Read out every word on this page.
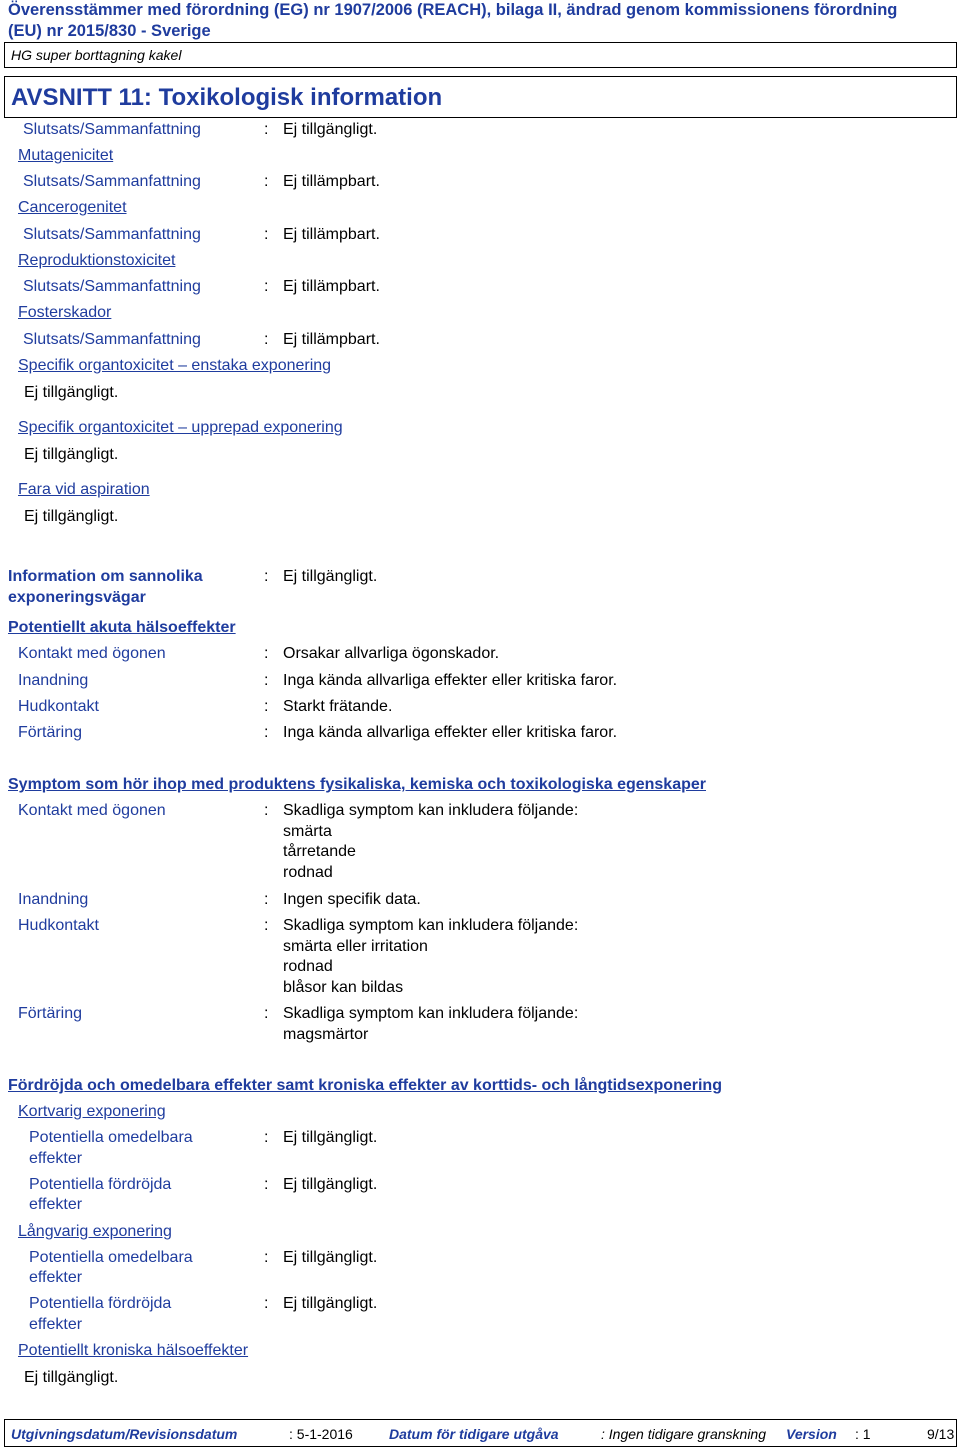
Överensstämmer med förordning (EG) nr 1907/2006 (REACH), bilaga II, ändrad genom kommissionens förordning
(EU) nr 2015/830 - Sverige
HG super borttagning kakel
AVSNITT 11: Toxikologisk information
Slutsats/Sammanfattning	: Ej tillgängligt.
Mutagenicitet
Slutsats/Sammanfattning	: Ej tillämpbart.
Cancerogenitet
Slutsats/Sammanfattning	: Ej tillämpbart.
Reproduktionstoxicitet
Slutsats/Sammanfattning	: Ej tillämpbart.
Fosterskador
Slutsats/Sammanfattning	: Ej tillämpbart.
Specifik organtoxicitet – enstaka exponering
Ej tillgängligt.
Specifik organtoxicitet – upprepad exponering
Ej tillgängligt.
Fara vid aspiration
Ej tillgängligt.
Information om sannolika
exponeringsvägar
: Ej tillgängligt.
Potentiellt akuta hälsoeffekter
Kontakt med ögonen	: Orsakar allvarliga ögonskador.
Inandning	: Inga kända allvarliga effekter eller kritiska faror.
Hudkontakt	: Starkt frätande.
Förtäring	: Inga kända allvarliga effekter eller kritiska faror.
Symptom som hör ihop med produktens fysikaliska, kemiska och toxikologiska egenskaper
Kontakt med ögonen	: Skadliga symptom kan inkludera följande:
smärta
tårretande
rodnad
Inandning	: Ingen specifik data.
Hudkontakt	: Skadliga symptom kan inkludera följande:
smärta eller irritation
rodnad
blåsor kan bildas
Förtäring	: Skadliga symptom kan inkludera följande:
magsmärtor
Fördröjda och omedelbara effekter samt kroniska effekter av korttids- och långtidsexponering
Kortvarig exponering
Potentiella omedelbara
effekter
: Ej tillgängligt.
Potentiella fördröjda
effekter
: Ej tillgängligt.
Långvarig exponering
Potentiella omedelbara
effekter
: Ej tillgängligt.
Potentiella fördröjda
effekter
: Ej tillgängligt.
Potentiellt kroniska hälsoeffekter
Ej tillgängligt.
Utgivningsdatum/Revisionsdatum	: 5-1-2016	Datum för tidigare utgåva	: Ingen tidigare granskning Version : 1	9/13
